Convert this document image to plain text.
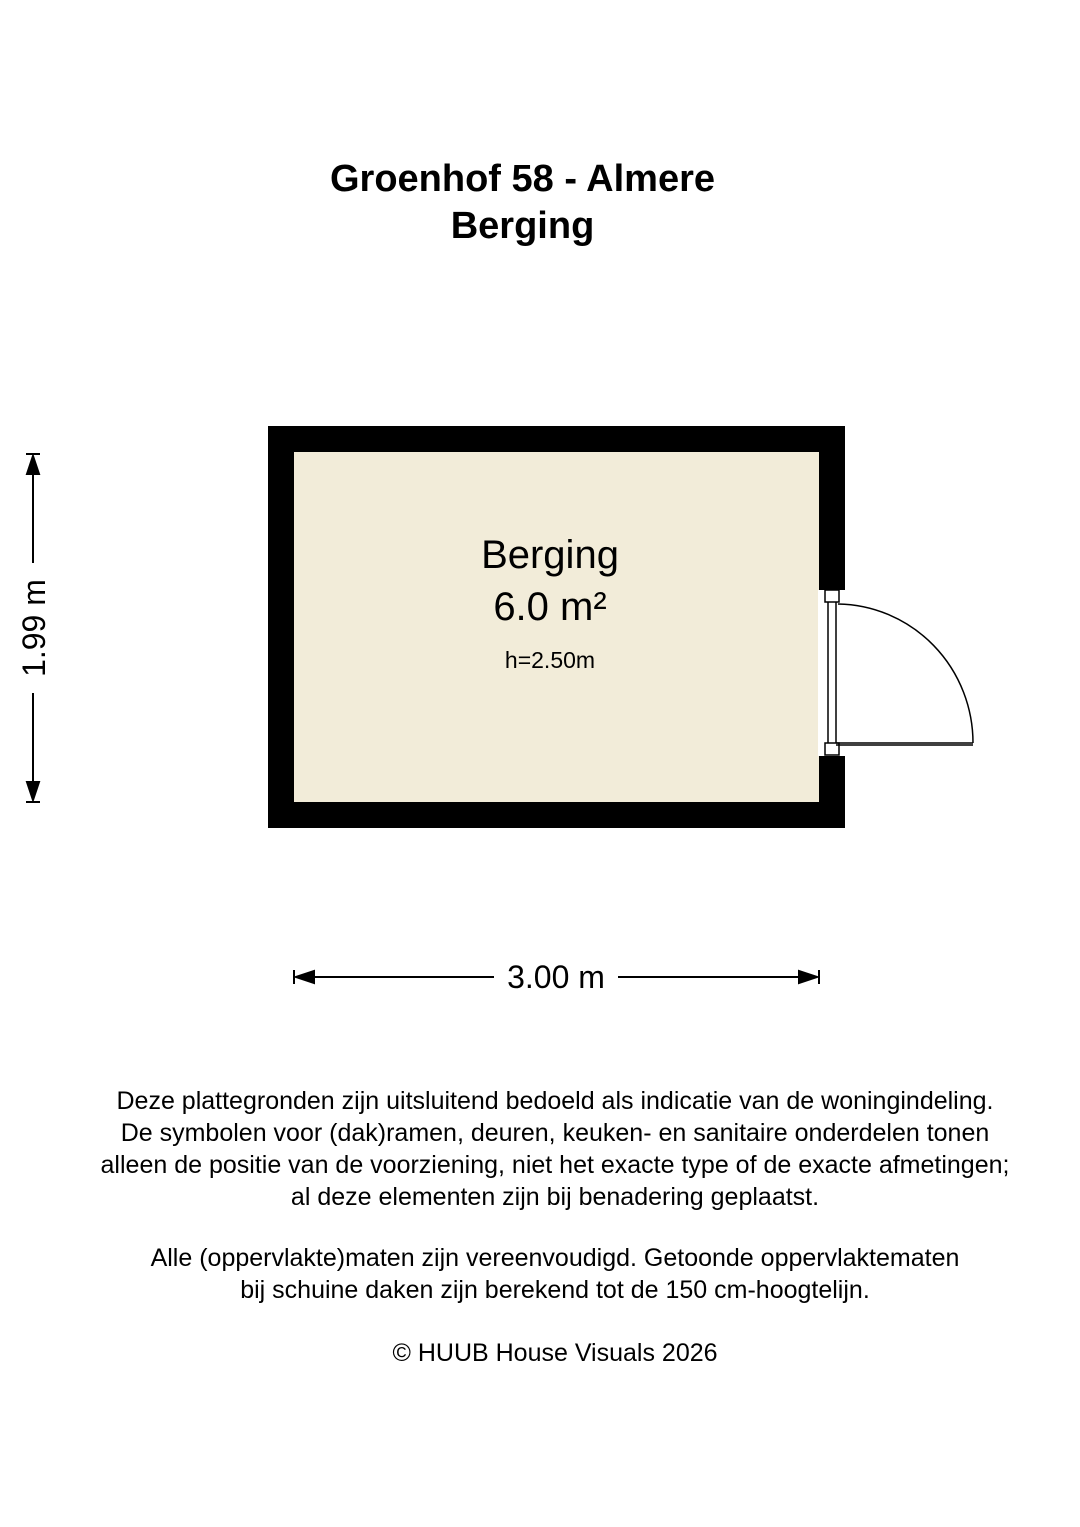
Groenhof 58 - Almere
Berging
Berging
6.0 m²
h=2.50m
3.00 m
1.99 m
Deze plattegronden zijn uitsluitend bedoeld als indicatie van de woningindeling.
De symbolen voor (dak)ramen, deuren, keuken- en sanitaire onderdelen tonen
alleen de positie van de voorziening, niet het exacte type of de exacte afmetingen;
al deze elementen zijn bij benadering geplaatst.
Alle (oppervlakte)maten zijn vereenvoudigd. Getoonde oppervlaktematen
bij schuine daken zijn berekend tot de 150 cm-hoogtelijn.
© HUUB House Visuals 2026
